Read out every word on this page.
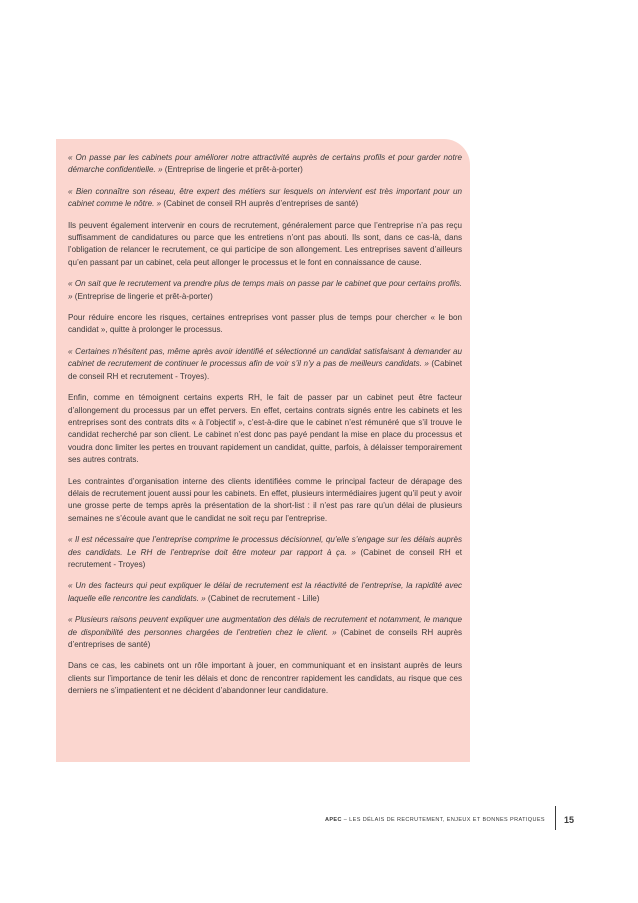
« On passe par les cabinets pour améliorer notre attractivité auprès de certains profils et pour garder notre démarche confidentielle. » (Entreprise de lingerie et prêt-à-porter)

« Bien connaître son réseau, être expert des métiers sur lesquels on intervient est très important pour un cabinet comme le nôtre. » (Cabinet de conseil RH auprès d’entreprises de santé)

Ils peuvent également intervenir en cours de recrutement, généralement parce que l’entreprise n’a pas reçu suffisamment de candidatures ou parce que les entretiens n’ont pas abouti. Ils sont, dans ce cas-là, dans l’obligation de relancer le recrutement, ce qui participe de son allongement. Les entreprises savent d’ailleurs qu’en passant par un cabinet, cela peut allonger le processus et le font en connaissance de cause.

« On sait que le recrutement va prendre plus de temps mais on passe par le cabinet que pour certains profils. » (Entreprise de lingerie et prêt-à-porter)

Pour réduire encore les risques, certaines entreprises vont passer plus de temps pour chercher « le bon candidat », quitte à prolonger le processus.

« Certaines n’hésitent pas, même après avoir identifié et sélectionné un candidat satisfaisant à demander au cabinet de recrutement de continuer le processus afin de voir s’il n’y a pas de meilleurs candidats. » (Cabinet de conseil RH et recrutement - Troyes).

Enfin, comme en témoignent certains experts RH, le fait de passer par un cabinet peut être facteur d’allongement du processus par un effet pervers. En effet, certains contrats signés entre les cabinets et les entreprises sont des contrats dits « à l’objectif », c’est-à-dire que le cabinet n’est rémunéré que s’il trouve le candidat recherché par son client. Le cabinet n’est donc pas payé pendant la mise en place du processus et voudra donc limiter les pertes en trouvant rapidement un candidat, quitte, parfois, à délaisser temporairement ses autres contrats.

Les contraintes d’organisation interne des clients identifiées comme le principal facteur de dérapage des délais de recrutement jouent aussi pour les cabinets. En effet, plusieurs intermédiaires jugent qu’il peut y avoir une grosse perte de temps après la présentation de la short-list : il n’est pas rare qu’un délai de plusieurs semaines ne s’écoule avant que le candidat ne soit reçu par l’entreprise.

« Il est nécessaire que l’entreprise comprime le processus décisionnel, qu’elle s’engage sur les délais auprès des candidats. Le RH de l’entreprise doit être moteur par rapport à ça. » (Cabinet de conseil RH et recrutement - Troyes)

« Un des facteurs qui peut expliquer le délai de recrutement est la réactivité de l’entreprise, la rapidité avec laquelle elle rencontre les candidats. » (Cabinet de recrutement - Lille)

« Plusieurs raisons peuvent expliquer une augmentation des délais de recrutement et notamment, le manque de disponibilité des personnes chargées de l’entretien chez le client. » (Cabinet de conseils RH auprès d’entreprises de santé)

Dans ce cas, les cabinets ont un rôle important à jouer, en communiquant et en insistant auprès de leurs clients sur l’importance de tenir les délais et donc de rencontrer rapidement les candidats, au risque que ces derniers ne s’impatientent et ne décident d’abandonner leur candidature.

APEC – LES DÉLAIS DE RECRUTEMENT, ENJEUX ET BONNES PRATIQUES 15
